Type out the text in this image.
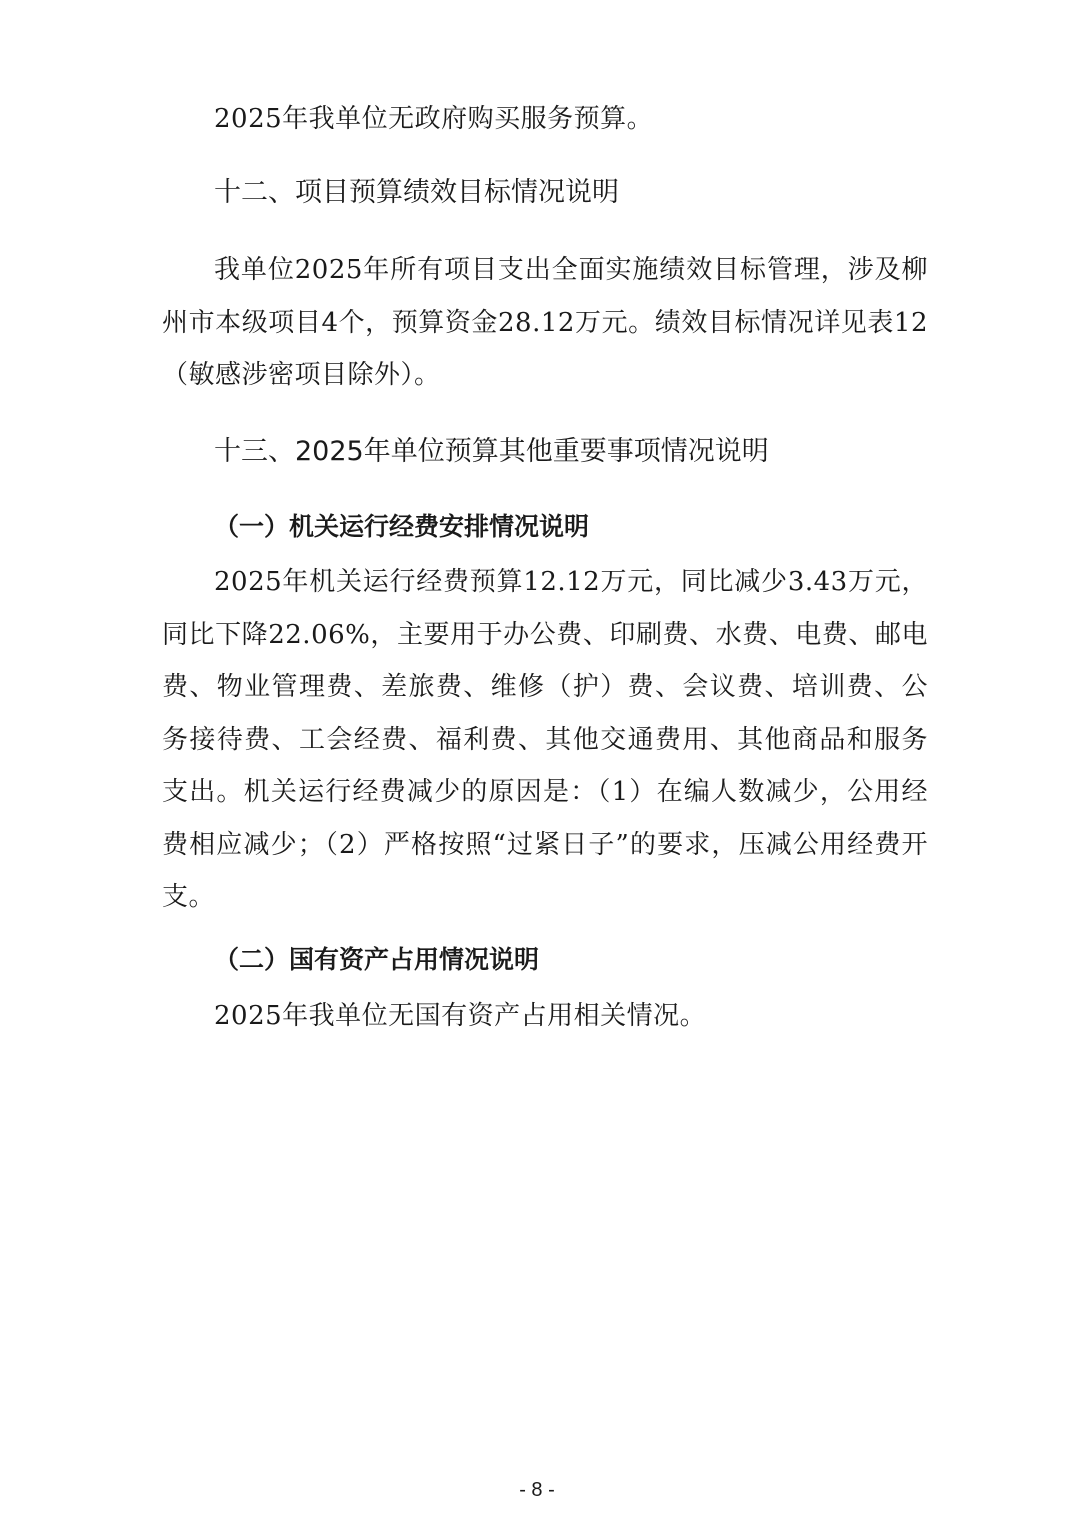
2025年我单位无政府购买服务预算。

十二、项目预算绩效目标情况说明

我单位2025年所有项目支出全面实施绩效目标管理，涉及柳州市本级项目4个，预算资金28.12万元。绩效目标情况详见表12（敏感涉密项目除外）。

十三、2025年单位预算其他重要事项情况说明
（一）机关运行经费安排情况说明

2025年机关运行经费预算12.12万元，同比减少3.43万元，同比下降22.06%，主要用于办公费、印刷费、水费、电费、邮电费、物业管理费、差旅费、维修（护）费、会议费、培训费、公务接待费、工会经费、福利费、其他交通费用、其他商品和服务支出。机关运行经费减少的原因是：（1）在编人数减少，公用经费相应减少；（2）严格按照“过紧日子”的要求，压减公用经费开支。

（二）国有资产占用情况说明

2025年我单位无国有资产占用相关情况。

- 8 -
